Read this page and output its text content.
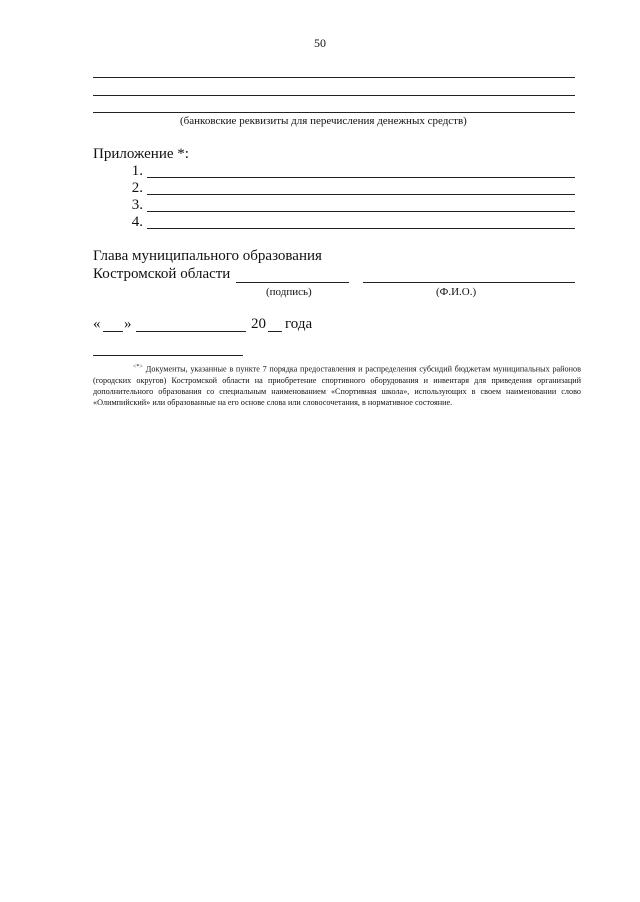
50
(банковские реквизиты для перечисления денежных средств)
Приложение *:
1.
2.
3.
4.
Глава муниципального образования
Костромской области
(подпись)	(Ф.И.О.)
« »	20 года
<*> Документы, указанные в пункте 7 порядка предоставления и распределения субсидий бюджетам муниципальных районов (городских округов) Костромской области на приобретение спортивного оборудования и инвентаря для приведения организаций дополнительного образования со специальным наименованием «Спортивная школа», использующих в своем наименовании слово «Олимпийский» или образованные на его основе слова или словосочетания, в нормативное состояние.
